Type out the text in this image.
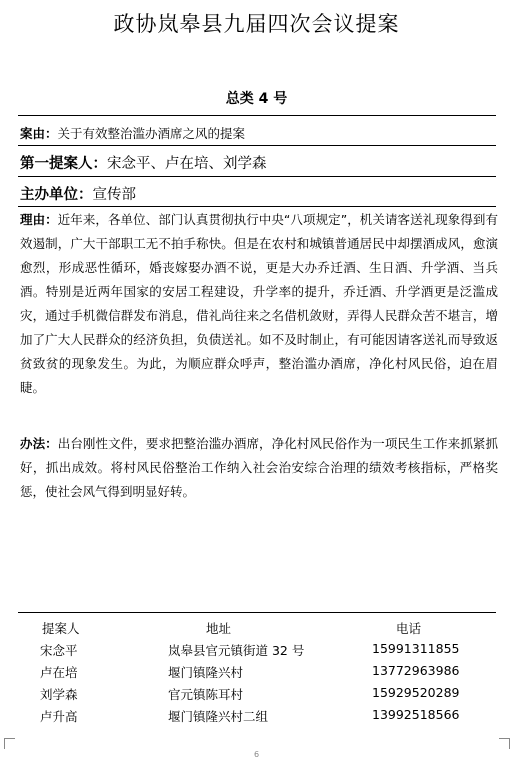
政协岚皋县九届四次会议提案
总类 4 号
案由：关于有效整治滥办酒席之风的提案
第一提案人：宋念平、卢在培、刘学森
主办单位：宣传部
理由：近年来，各单位、部门认真贯彻执行中央“八项规定”，机关请客送礼现象得到有效遏制，广大干部职工无不拍手称快。但是在农村和城镇普通居民中却摆酒成风，愈演愈烈，形成恶性循环，婚丧嫁娶办酒不说，更是大办乔迁酒、生日酒、升学酒、当兵酒。特别是近两年国家的安居工程建设，升学率的提升，乔迁酒、升学酒更是泛滥成灾，通过手机微信群发布消息，借礼尚往来之名借机敛财，弄得人民群众苦不堪言，增加了广大人民群众的经济负担，负债送礼。如不及时制止，有可能因请客送礼而导致返贫致贫的现象发生。为此，为顺应群众呼声，整治滥办酒席，净化村风民俗，迫在眉睫。
办法：出台刚性文件，要求把整治滥办酒席，净化村风民俗作为一项民生工作来抓紧抓好，抓出成效。将村风民俗整治工作纳入社会治安综合治理的绩效考核指标，严格奖惩，使社会风气得到明显好转。
提案人	地址	电话
宋念平	岚皋县官元镇街道 32 号	15991311855
卢在培	堰门镇隆兴村	13772963986
刘学森	官元镇陈耳村	15929520289
卢升高	堰门镇隆兴村二组	13992518566
6
